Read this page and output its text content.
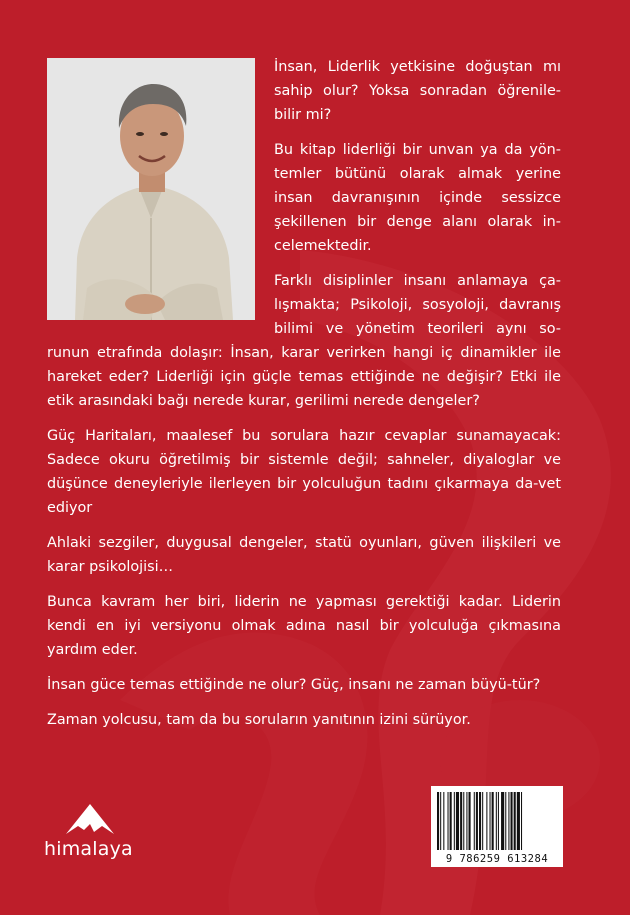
İnsan, Liderlik yetkisine doğuştan mı sahip olur? Yoksa sonradan öğrenile-bilir mi?

Bu kitap liderliği bir unvan ya da yön-temler bütünü olarak almak yerine insan davranışının içinde sessizce şekillenen bir denge alanı olarak in-celemektedir.

Farklı disiplinler insanı anlamaya ça-lışmakta; Psikoloji, sosyoloji, davranış bilimi ve yönetim teorileri aynı so-runun etrafında dolaşır: İnsan, karar verirken hangi iç dinamikler ile hareket eder? Liderliği için güçle temas ettiğinde ne değişir? Etki ile etik arasındaki bağı nerede kurar, gerilimi nerede dengeler?

Güç Haritaları, maalesef bu sorulara hazır cevaplar sunamayacak: Sadece okuru öğretilmiş bir sistemle değil; sahneler, diyaloglar ve düşünce deneyleriyle ilerleyen bir yolculuğun tadını çıkarmaya da-vet ediyor

Ahlaki sezgiler, duygusal dengeler, statü oyunları, güven ilişkileri ve karar psikolojisi…

Bunca kavram her biri, liderin ne yapması gerektiği kadar. Liderin kendi en iyi versiyonu olmak adına nasıl bir yolculuğa çıkmasına yardım eder.

İnsan güce temas ettiğinde ne olur? Güç, insanı ne zaman büyü-tür?

Zaman yolcusu, tam da bu soruların yanıtının izini sürüyor.

himalaya	9 786259 613284
